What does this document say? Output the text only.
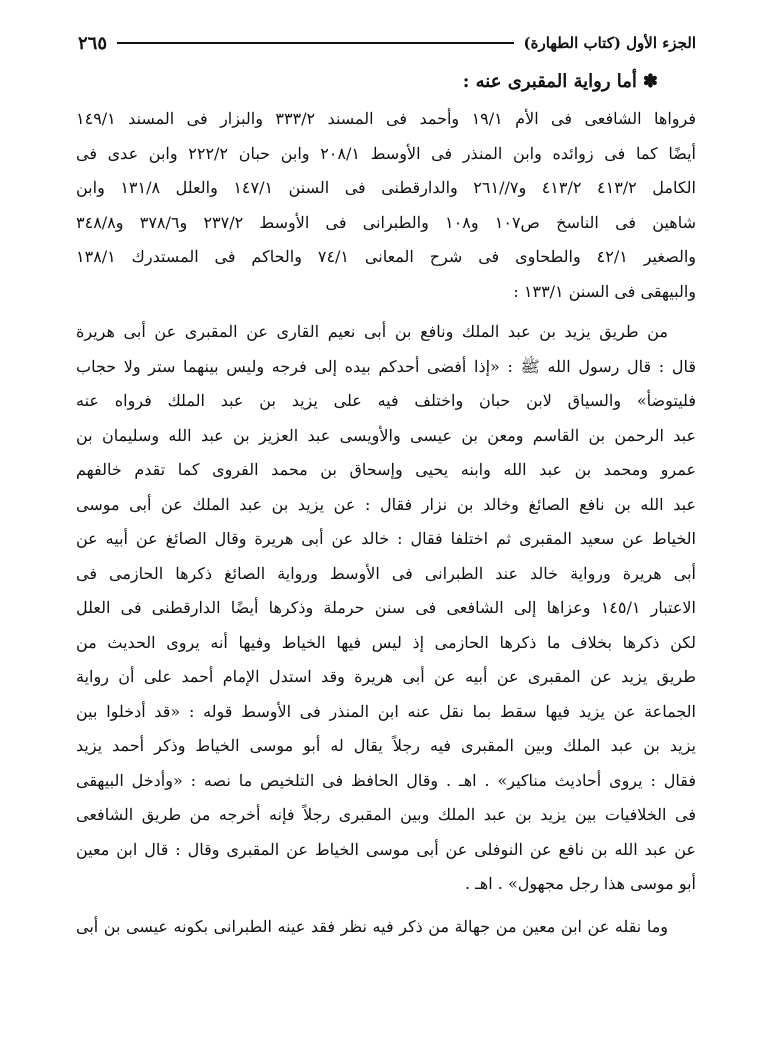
الجزء الأول (كتاب الطهارة)
٢٦٥
✽أما رواية المقبرى عنه :
فرواها الشافعى فى الأم ١٩/١ وأحمد فى المسند ٣٣٣/٢ والبزار فى المسند ١٤٩/١
أيضًا كما فى زوائده وابن المنذر فى الأوسط ٢٠٨/١ وابن حبان ٢٢٢/٢ وابن عدى فى
الكامل ٤١٣/٢ ٤١٣/٢ و٧//٢٦١ والدارقطنى فى السنن ١٤٧/١ والعلل ١٣١/٨ وابن
شاهين فى الناسخ ص١٠٧ و١٠٨ والطبرانى فى الأوسط ٢٣٧/٢ و٣٧٨/٦ و٣٤٨/٨
والصغير ٤٢/١ والطحاوى فى شرح المعانى ٧٤/١ والحاكم فى المستدرك ١٣٨/١
والبيهقى فى السنن ١٣٣/١ :
من طريق يزيد بن عبد الملك ونافع بن أبى نعيم القارى عن المقبرى عن أبى هريرة
قال : قال رسول الله ﷺ : «إذا أفضى أحدكم بيده إلى فرجه وليس بينهما ستر ولا حجاب
فليتوضأ» والسياق لابن حبان واختلف فيه على يزيد بن عبد الملك فرواه عنه
عبد الرحمن بن القاسم ومعن بن عيسى والأويسى عبد العزيز بن عبد الله وسليمان بن
عمرو ومحمد بن عبد الله وابنه يحيى وإسحاق بن محمد الفروى كما تقدم خالفهم
عبد الله بن نافع الصائغ وخالد بن نزار فقال : عن يزيد بن عبد الملك عن أبى موسى
الخياط عن سعيد المقبرى ثم اختلفا فقال : خالد عن أبى هريرة وقال الصائغ عن أبيه عن
أبى هريرة ورواية خالد عند الطبرانى فى الأوسط ورواية الصائغ ذكرها الحازمى فى
الاعتبار ١٤٥/١ وعزاها إلى الشافعى فى سنن حرملة وذكرها أيضًا الدارقطنى فى العلل
لكن ذكرها بخلاف ما ذكرها الحازمى إذ ليس فيها الخياط وفيها أنه يروى الحديث من
طريق يزيد عن المقبرى عن أبيه عن أبى هريرة وقد استدل الإمام أحمد على أن رواية
الجماعة عن يزيد فيها سقط بما نقل عنه ابن المنذر فى الأوسط قوله : «قد أدخلوا بين
يزيد بن عبد الملك وبين المقبرى فيه رجلاً يقال له أبو موسى الخياط وذكر أحمد يزيد
فقال : يروى أحاديث مناكير» . اهـ . وقال الحافظ فى التلخيص ما نصه : «وأدخل البيهقى
فى الخلافيات بين يزيد بن عبد الملك وبين المقبرى رجلاً فإنه أخرجه من طريق الشافعى
عن عبد الله بن نافع عن النوفلى عن أبى موسى الخياط عن المقبرى وقال : قال ابن معين
أبو موسى هذا رجل مجهول» . اهـ .
وما نقله عن ابن معين من جهالة من ذكر فيه نظر فقد عينه الطبرانى بكونه عيسى بن أبى
